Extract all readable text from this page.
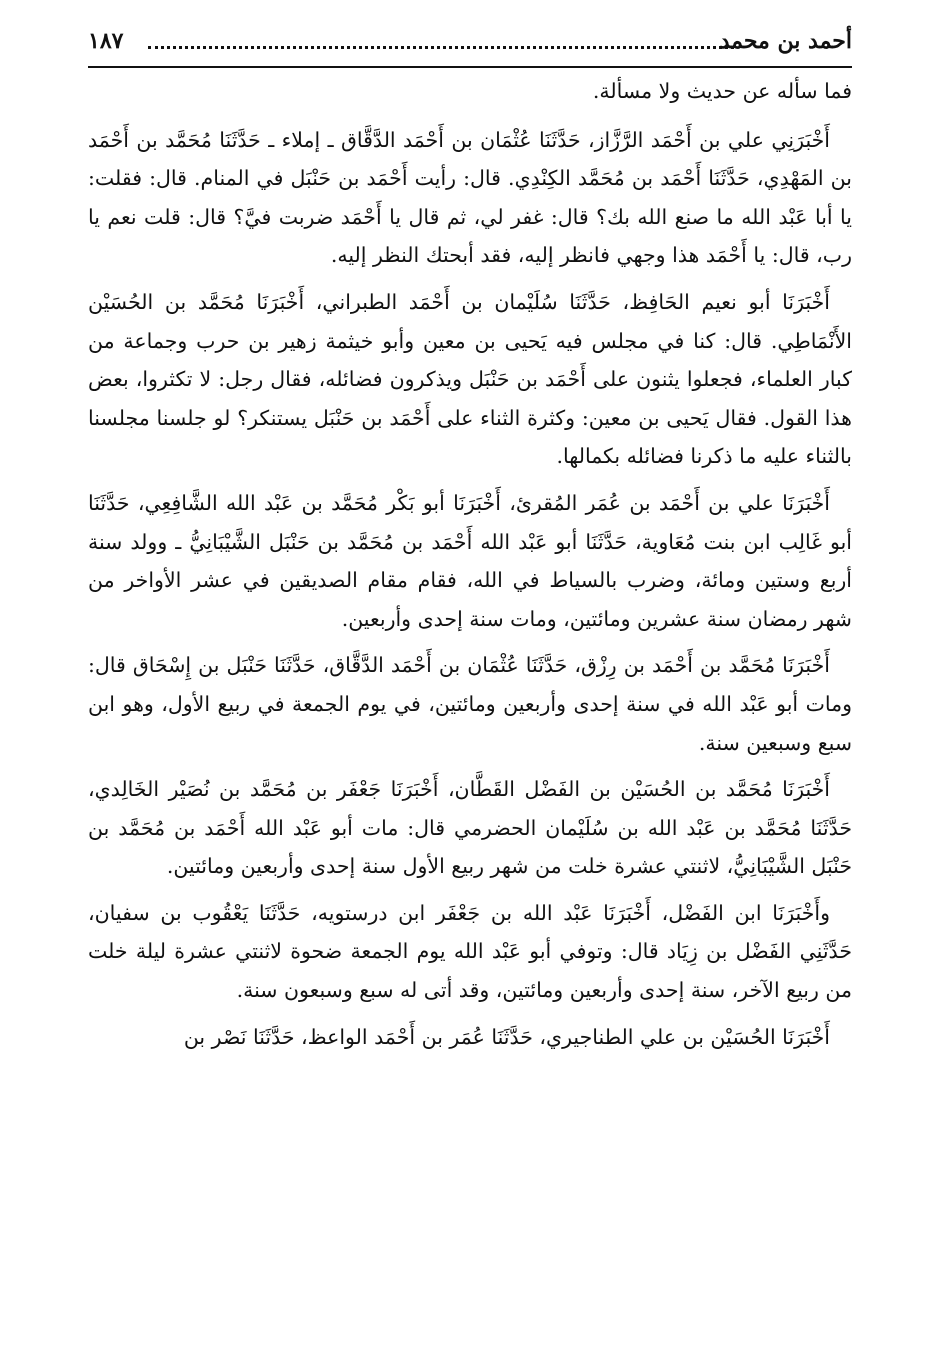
أحمد بن محمد
١٨٧

فما سأله عن حديث ولا مسألة.

أَخْبَرَنِي علي بن أَحْمَد الرَّزَّاز، حَدَّثَنَا عُثْمَان بن أَحْمَد الدَّقَّاق ـ إملاء ـ حَدَّثَنَا مُحَمَّد بن أَحْمَد بن المَهْدِي، حَدَّثَنَا أَحْمَد بن مُحَمَّد الكِنْدِي. قال: رأيت أَحْمَد بن حَنْبَل في المنام. قال: فقلت: يا أبا عَبْد الله ما صنع الله بك؟ قال: غفر لي، ثم قال يا أَحْمَد ضربت فيَّ؟ قال: قلت نعم يا رب، قال: يا أَحْمَد هذا وجهي فانظر إليه، فقد أبحتك النظر إليه.

أَخْبَرَنَا أبو نعيم الحَافِظ، حَدَّثَنَا سُلَيْمان بن أَحْمَد الطبراني، أَخْبَرَنَا مُحَمَّد بن الحُسَيْن الأَنْمَاطِي. قال: كنا في مجلس فيه يَحيى بن معين وأبو خيثمة زهير بن حرب وجماعة من كبار العلماء، فجعلوا يثنون على أَحْمَد بن حَنْبَل ويذكرون فضائله، فقال رجل: لا تكثروا، بعض هذا القول. فقال يَحيى بن معين: وكثرة الثناء على أَحْمَد بن حَنْبَل يستنكر؟ لو جلسنا مجلسنا بالثناء عليه ما ذكرنا فضائله بكمالها.

أَخْبَرَنَا علي بن أَحْمَد بن عُمَر المُقرئ، أَخْبَرَنَا أبو بَكْر مُحَمَّد بن عَبْد الله الشَّافِعِي، حَدَّثَنَا أبو غَالِب ابن بنت مُعَاوية، حَدَّثَنَا أبو عَبْد الله أَحْمَد بن مُحَمَّد بن حَنْبَل الشَّيْبَانِيُّ ـ وولد سنة أربع وستين ومائة، وضرب بالسياط في الله، فقام مقام الصديقين في عشر الأواخر من شهر رمضان سنة عشرين ومائتين، ومات سنة إحدى وأربعين.

أَخْبَرَنَا مُحَمَّد بن أَحْمَد بن رِزْق، حَدَّثَنَا عُثْمَان بن أَحْمَد الدَّقَّاق، حَدَّثَنَا حَنْبَل بن إِسْحَاق قال: ومات أبو عَبْد الله في سنة إحدى وأربعين ومائتين، في يوم الجمعة في ربيع الأول، وهو ابن سبع وسبعين سنة.

أَخْبَرَنَا مُحَمَّد بن الحُسَيْن بن الفَضْل القَطَّان، أَخْبَرَنَا جَعْفَر بن مُحَمَّد بن نُصَيْر الخَالِدي، حَدَّثَنَا مُحَمَّد بن عَبْد الله بن سُلَيْمان الحضرمي قال: مات أبو عَبْد الله أَحْمَد بن مُحَمَّد بن حَنْبَل الشَّيْبَانِيُّ، لاثنتي عشرة خلت من شهر ربيع الأول سنة إحدى وأربعين ومائتين.

وأَخْبَرَنَا ابن الفَضْل، أَخْبَرَنَا عَبْد الله بن جَعْفَر ابن درستويه، حَدَّثَنَا يَعْقُوب بن سفيان، حَدَّثَنِي الفَضْل بن زِيَاد قال: وتوفي أبو عَبْد الله يوم الجمعة ضحوة لاثنتي عشرة ليلة خلت من ربيع الآخر، سنة إحدى وأربعين ومائتين، وقد أتى له سبع وسبعون سنة.

أَخْبَرَنَا الحُسَيْن بن علي الطناجيري، حَدَّثَنَا عُمَر بن أَحْمَد الواعظ، حَدَّثَنَا نَصْر بن
